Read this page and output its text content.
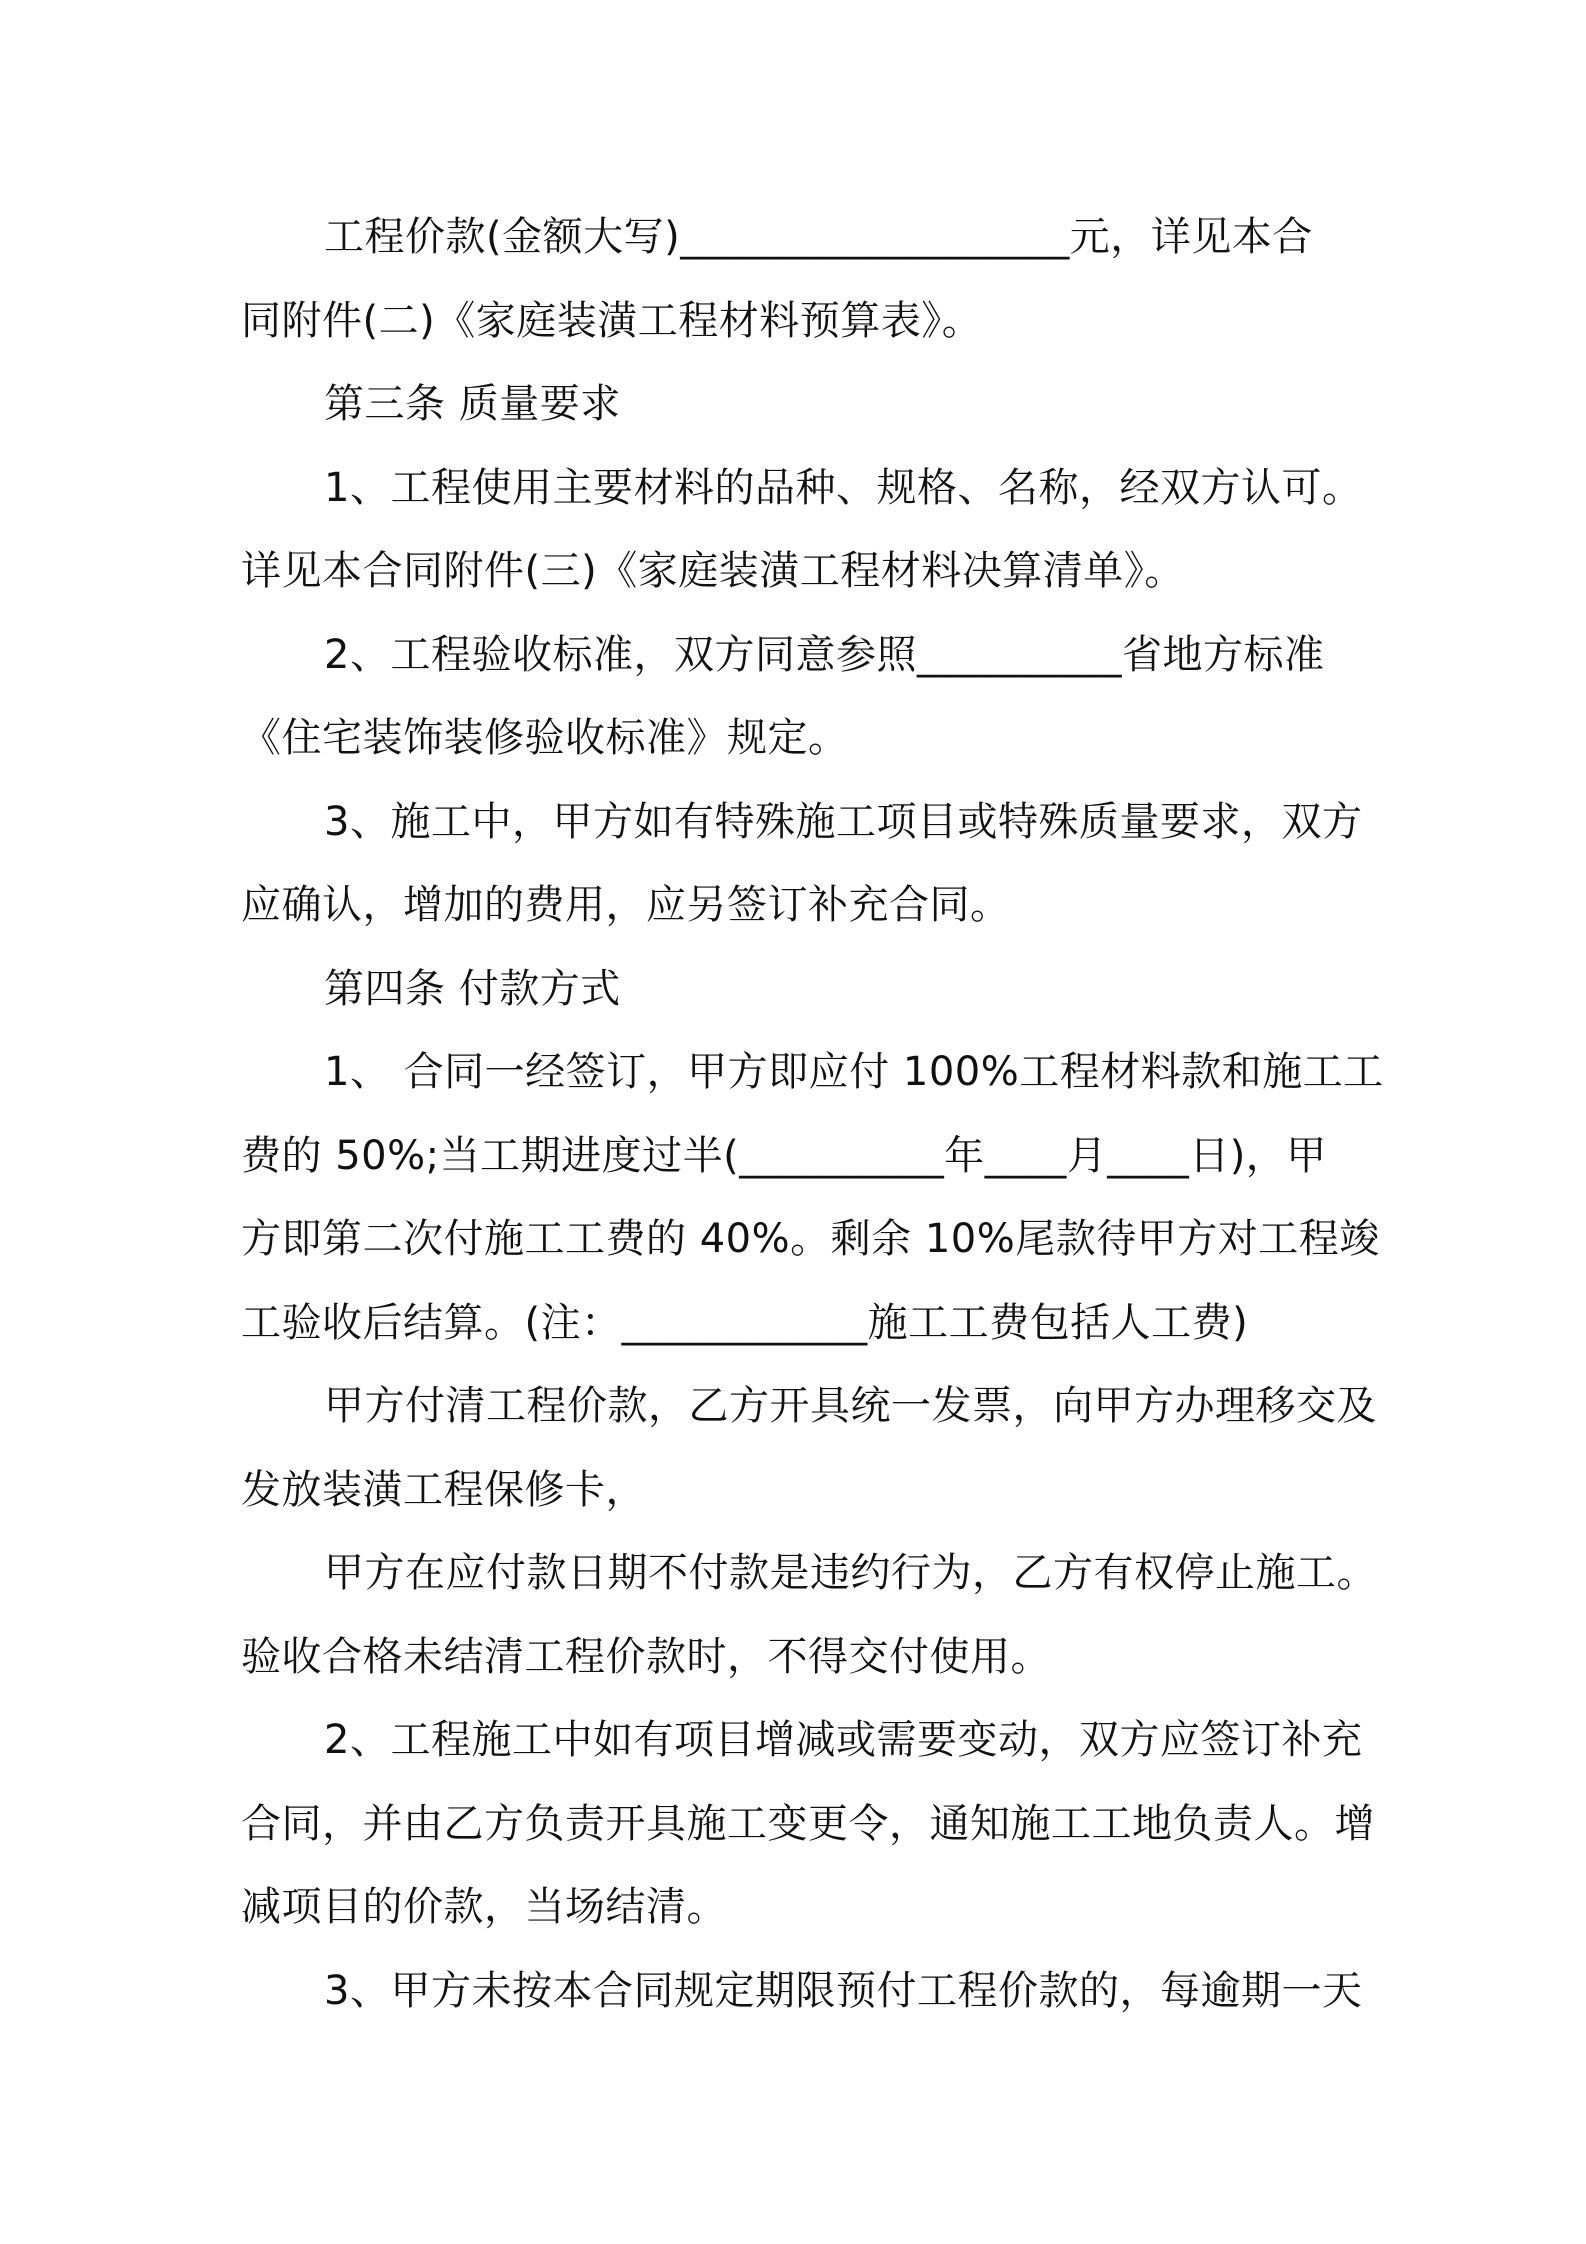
工程价款(金额大写)___________________元，详见本合
同附件(二)《家庭装潢工程材料预算表》。
第三条 质量要求
1、工程使用主要材料的品种、规格、名称，经双方认可。
详见本合同附件(三)《家庭装潢工程材料决算清单》。
2、工程验收标准，双方同意参照__________省地方标准
《住宅装饰装修验收标准》规定。
3、施工中，甲方如有特殊施工项目或特殊质量要求，双方
应确认，增加的费用，应另签订补充合同。
第四条 付款方式
1、 合同一经签订，甲方即应付 100%工程材料款和施工工
费的 50%;当工期进度过半(__________年____月____日)，甲
方即第二次付施工工费的 40%。剩余 10%尾款待甲方对工程竣
工验收后结算。(注：____________施工工费包括人工费)
甲方付清工程价款，乙方开具统一发票，向甲方办理移交及
发放装潢工程保修卡，
甲方在应付款日期不付款是违约行为，乙方有权停止施工。
验收合格未结清工程价款时，不得交付使用。
2、工程施工中如有项目增减或需要变动，双方应签订补充
合同，并由乙方负责开具施工变更令，通知施工工地负责人。增
减项目的价款，当场结清。
3、甲方未按本合同规定期限预付工程价款的，每逾期一天
